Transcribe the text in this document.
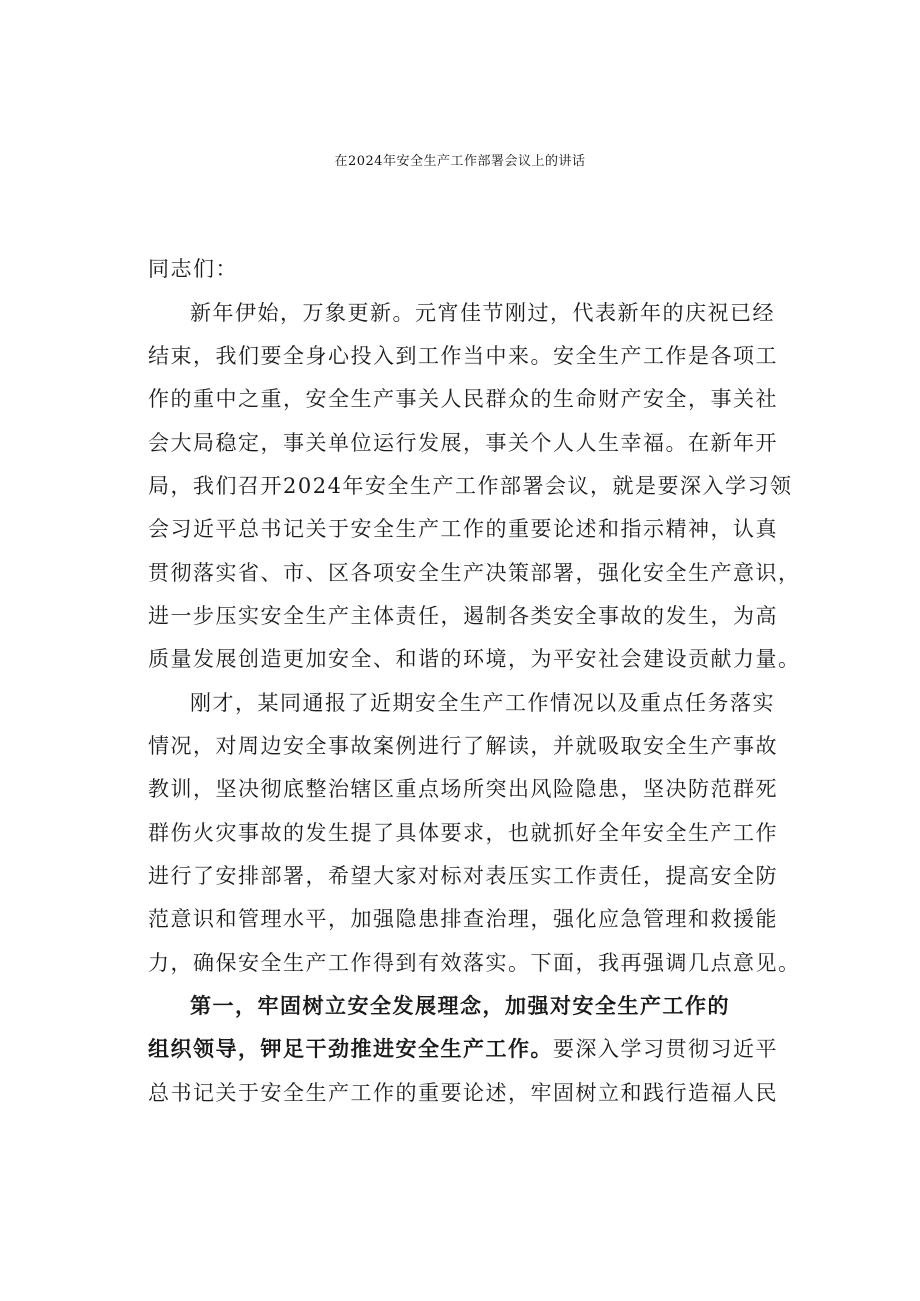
在2024年安全生产工作部署会议上的讲话
同志们：
新年伊始，万象更新。元宵佳节刚过，代表新年的庆祝已经
结束，我们要全身心投入到工作当中来。安全生产工作是各项工
作的重中之重，安全生产事关人民群众的生命财产安全，事关社
会大局稳定，事关单位运行发展，事关个人人生幸福。在新年开
局，我们召开2024年安全生产工作部署会议，就是要深入学习领
会习近平总书记关于安全生产工作的重要论述和指示精神，认真
贯彻落实省、市、区各项安全生产决策部署，强化安全生产意识，
进一步压实安全生产主体责任，遏制各类安全事故的发生，为高
质量发展创造更加安全、和谐的环境，为平安社会建设贡献力量。
刚才，某同通报了近期安全生产工作情况以及重点任务落实
情况，对周边安全事故案例进行了解读，并就吸取安全生产事故
教训，坚决彻底整治辖区重点场所突出风险隐患，坚决防范群死
群伤火灾事故的发生提了具体要求，也就抓好全年安全生产工作
进行了安排部署，希望大家对标对表压实工作责任，提高安全防
范意识和管理水平，加强隐患排查治理，强化应急管理和救援能
力，确保安全生产工作得到有效落实。下面，我再强调几点意见。
第一，牢固树立安全发展理念，加强对安全生产工作的
组织领导，钾足干劲推进安全生产工作。要深入学习贯彻习近平
总书记关于安全生产工作的重要论述，牢固树立和践行造福人民
